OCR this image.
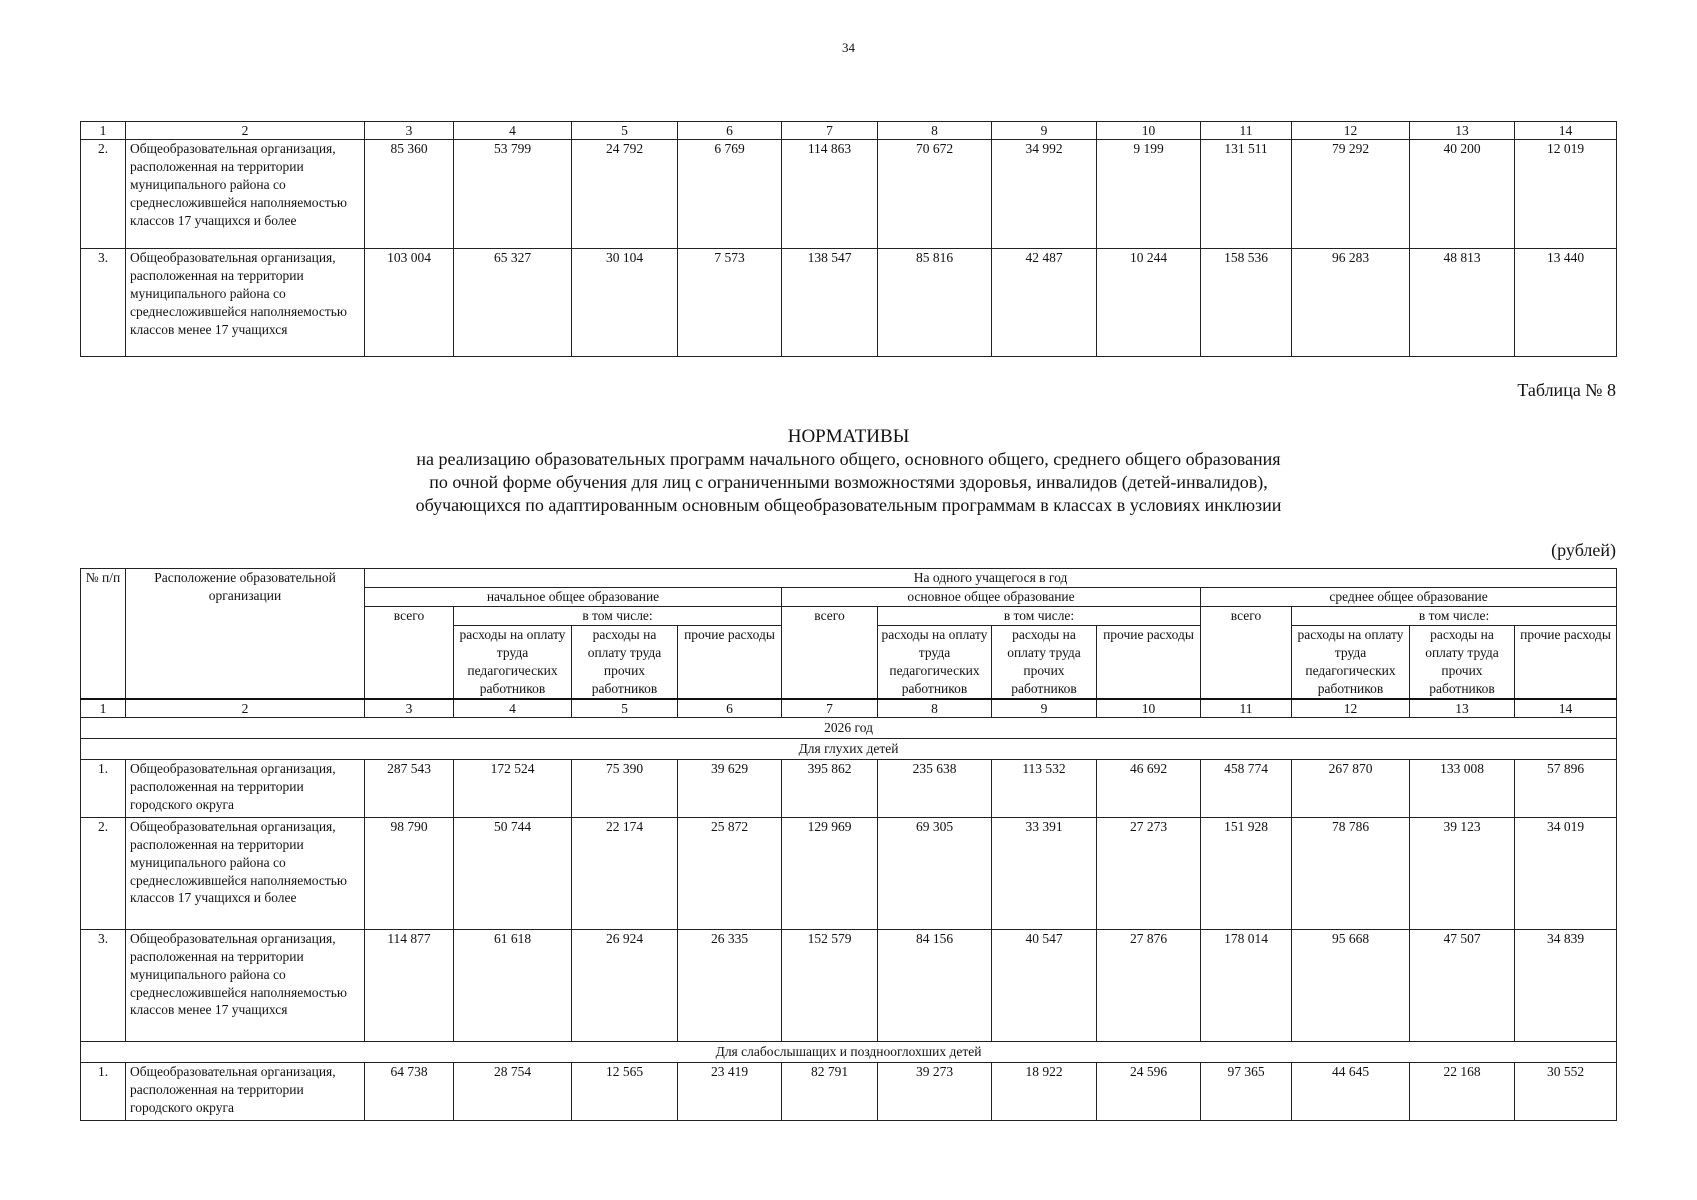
34
1	2	3	4	5	6	7	8	9	10	11	12	13	14
2.	Общеобразовательная организация, расположенная на территории муниципального района со среднесложившейся наполняемостью классов 17 учащихся и более	85 360	53 799	24 792	6 769	114 863	70 672	34 992	9 199	131 511	79 292	40 200	12 019
3.	Общеобразовательная организация, расположенная на территории муниципального района со среднесложившейся наполняемостью классов менее 17 учащихся	103 004	65 327	30 104	7 573	138 547	85 816	42 487	10 244	158 536	96 283	48 813	13 440
Таблица № 8
НОРМАТИВЫ
на реализацию образовательных программ начального общего, основного общего, среднего общего образования
по очной форме обучения для лиц с ограниченными возможностями здоровья, инвалидов (детей-инвалидов),
обучающихся по адаптированным основным общеобразовательным программам в классах в условиях инклюзии
(рублей)
№ п/п	Расположение образовательной организации	На одного учащегося в год											
		начальное общее образование				основное общее образование				среднее общее образование			
		всего	в том числе:			всего	в том числе:			всего	в том числе:		
			расходы на оплату труда педагогических работников	расходы на оплату труда прочих работников	прочие расходы		расходы на оплату труда педагогических работников	расходы на оплату труда прочих работников	прочие расходы		расходы на оплату труда педагогических работников	расходы на оплату труда прочих работников	прочие расходы
1	2	3	4	5	6	7	8	9	10	11	12	13	14
2026 год													
Для глухих детей													
1.	Общеобразовательная организация, расположенная на территории городского округа	287 543	172 524	75 390	39 629	395 862	235 638	113 532	46 692	458 774	267 870	133 008	57 896
2.	Общеобразовательная организация, расположенная на территории муниципального района со среднесложившейся наполняемостью классов 17 учащихся и более	98 790	50 744	22 174	25 872	129 969	69 305	33 391	27 273	151 928	78 786	39 123	34 019
3.	Общеобразовательная организация, расположенная на территории муниципального района со среднесложившейся наполняемостью классов менее 17 учащихся	114 877	61 618	26 924	26 335	152 579	84 156	40 547	27 876	178 014	95 668	47 507	34 839
Для слабослышащих и позднооглохших детей													
1.	Общеобразовательная организация, расположенная на территории городского округа	64 738	28 754	12 565	23 419	82 791	39 273	18 922	24 596	97 365	44 645	22 168	30 552
